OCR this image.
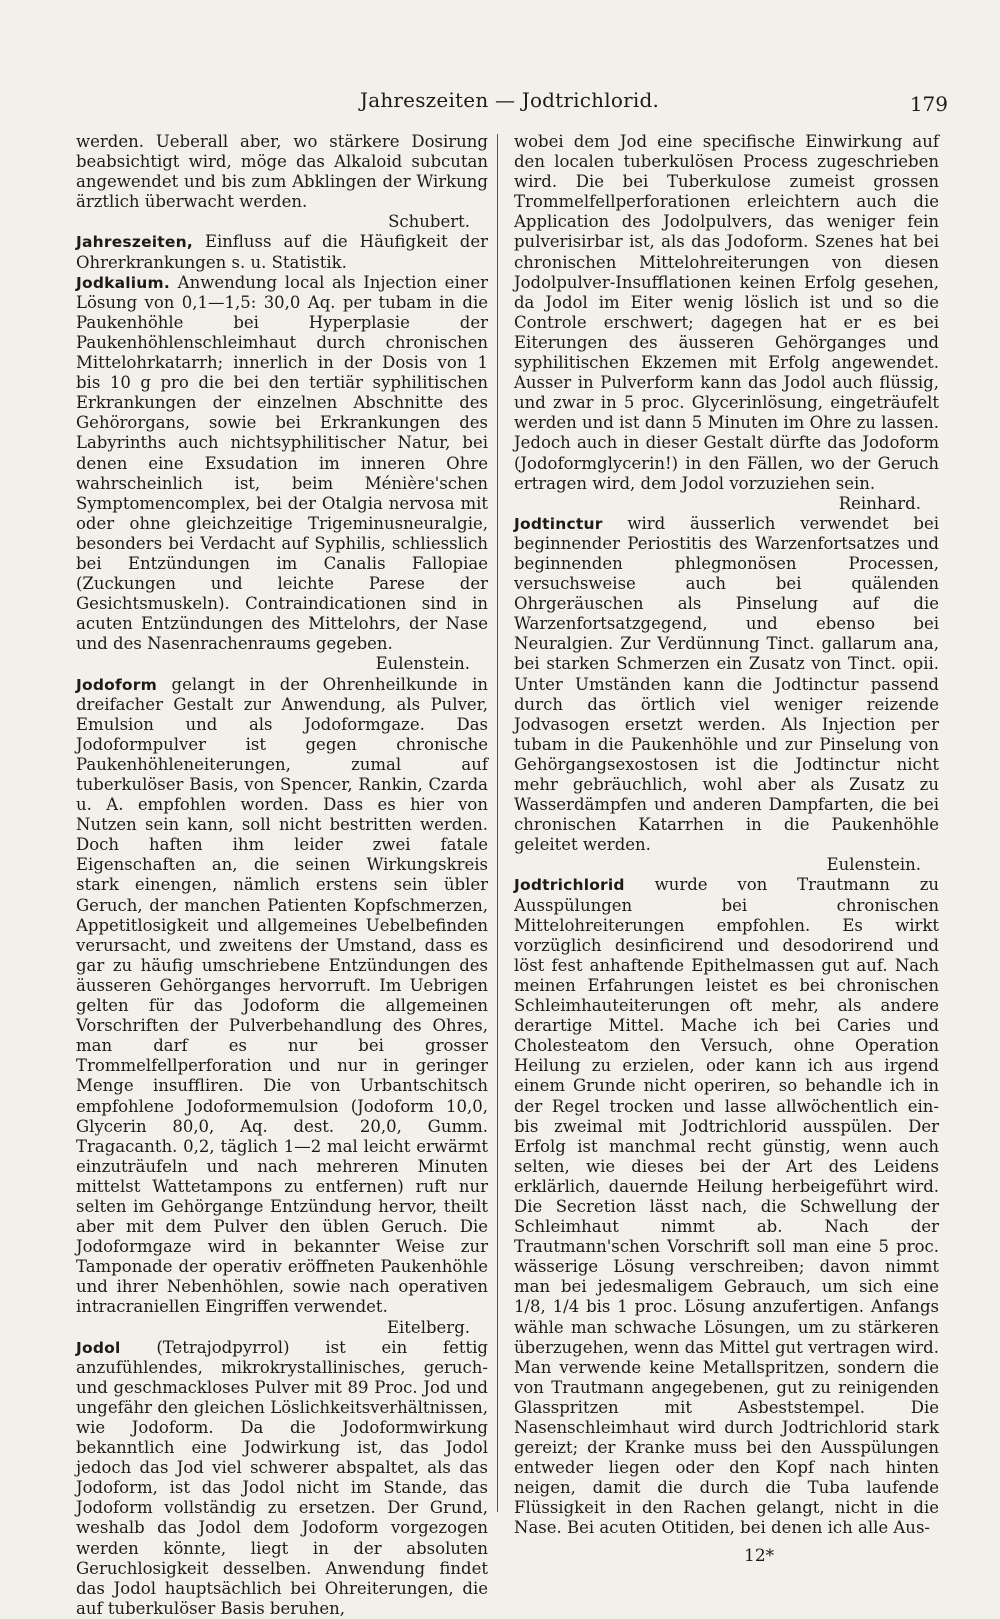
Jahreszeiten — Jodtrichlorid.	179

werden. Ueberall aber, wo stärkere Dosirung beabsichtigt wird, möge das Alkaloid subcutan angewendet und bis zum Abklingen der Wirkung ärztlich überwacht werden.

Schubert.

Jahreszeiten, Einfluss auf die Häufigkeit der Ohrerkrankungen s. u. Statistik.

Jodkalium. Anwendung local als Injection einer Lösung von 0,1—1,5: 30,0 Aq. per tubam in die Paukenhöhle bei Hyperplasie der Paukenhöhlenschleimhaut durch chronischen Mittelohrkatarrh; innerlich in der Dosis von 1 bis 10 g pro die bei den tertiär syphilitischen Erkrankungen der einzelnen Abschnitte des Gehörorgans, sowie bei Erkrankungen des Labyrinths auch nichtsyphilitischer Natur, bei denen eine Exsudation im inneren Ohre wahrscheinlich ist, beim Ménière'schen Symptomencomplex, bei der Otalgia nervosa mit oder ohne gleichzeitige Trigeminusneuralgie, besonders bei Verdacht auf Syphilis, schliesslich bei Entzündungen im Canalis Fallopiae (Zuckungen und leichte Parese der Gesichtsmuskeln). Contraindicationen sind in acuten Entzündungen des Mittelohrs, der Nase und des Nasenrachenraums gegeben.

Eulenstein.

Jodoform gelangt in der Ohrenheilkunde in dreifacher Gestalt zur Anwendung, als Pulver, Emulsion und als Jodoformgaze. Das Jodoformpulver ist gegen chronische Paukenhöhleneiterungen, zumal auf tuberkulöser Basis, von Spencer, Rankin, Czarda u. A. empfohlen worden. Dass es hier von Nutzen sein kann, soll nicht bestritten werden. Doch haften ihm leider zwei fatale Eigenschaften an, die seinen Wirkungskreis stark einengen, nämlich erstens sein übler Geruch, der manchen Patienten Kopfschmerzen, Appetitlosigkeit und allgemeines Uebelbefinden verursacht, und zweitens der Umstand, dass es gar zu häufig umschriebene Entzündungen des äusseren Gehörganges hervorruft. Im Uebrigen gelten für das Jodoform die allgemeinen Vorschriften der Pulverbehandlung des Ohres, man darf es nur bei grosser Trommelfellperforation und nur in geringer Menge insuffliren. Die von Urbantschitsch empfohlene Jodoformemulsion (Jodoform 10,0, Glycerin 80,0, Aq. dest. 20,0, Gumm. Tragacanth. 0,2, täglich 1—2 mal leicht erwärmt einzuträufeln und nach mehreren Minuten mittelst Wattetampons zu entfernen) ruft nur selten im Gehörgange Entzündung hervor, theilt aber mit dem Pulver den üblen Geruch. Die Jodoformgaze wird in bekannter Weise zur Tamponade der operativ eröffneten Paukenhöhle und ihrer Nebenhöhlen, sowie nach operativen intracraniellen Eingriffen verwendet.

Eitelberg.

Jodol (Tetrajodpyrrol) ist ein fettig anzufühlendes, mikrokrystallinisches, geruch- und geschmackloses Pulver mit 89 Proc. Jod und ungefähr den gleichen Löslichkeitsverhältnissen, wie Jodoform. Da die Jodoformwirkung bekanntlich eine Jodwirkung ist, das Jodol jedoch das Jod viel schwerer abspaltet, als das Jodoform, ist das Jodol nicht im Stande, das Jodoform vollständig zu ersetzen. Der Grund, weshalb das Jodol dem Jodoform vorgezogen werden könnte, liegt in der absoluten Geruchlosigkeit desselben. Anwendung findet das Jodol hauptsächlich bei Ohreiterungen, die auf tuberkulöser Basis beruhen,

wobei dem Jod eine specifische Einwirkung auf den localen tuberkulösen Process zugeschrieben wird. Die bei Tuberkulose zumeist grossen Trommelfellperforationen erleichtern auch die Application des Jodolpulvers, das weniger fein pulverisirbar ist, als das Jodoform. Szenes hat bei chronischen Mittelohreiterungen von diesen Jodolpulver-Insufflationen keinen Erfolg gesehen, da Jodol im Eiter wenig löslich ist und so die Controle erschwert; dagegen hat er es bei Eiterungen des äusseren Gehörganges und syphilitischen Ekzemen mit Erfolg angewendet. Ausser in Pulverform kann das Jodol auch flüssig, und zwar in 5 proc. Glycerinlösung, eingeträufelt werden und ist dann 5 Minuten im Ohre zu lassen. Jedoch auch in dieser Gestalt dürfte das Jodoform (Jodoformglycerin!) in den Fällen, wo der Geruch ertragen wird, dem Jodol vorzuziehen sein.

Reinhard.

Jodtinctur wird äusserlich verwendet bei beginnender Periostitis des Warzenfortsatzes und beginnenden phlegmonösen Processen, versuchsweise auch bei quälenden Ohrgeräuschen als Pinselung auf die Warzenfortsatzgegend, und ebenso bei Neuralgien. Zur Verdünnung Tinct. gallarum ana, bei starken Schmerzen ein Zusatz von Tinct. opii. Unter Umständen kann die Jodtinctur passend durch das örtlich viel weniger reizende Jodvasogen ersetzt werden. Als Injection per tubam in die Paukenhöhle und zur Pinselung von Gehörgangsexostosen ist die Jodtinctur nicht mehr gebräuchlich, wohl aber als Zusatz zu Wasserdämpfen und anderen Dampfarten, die bei chronischen Katarrhen in die Paukenhöhle geleitet werden.

Eulenstein.

Jodtrichlorid wurde von Trautmann zu Ausspülungen bei chronischen Mittelohreiterungen empfohlen. Es wirkt vorzüglich desinficirend und desodorirend und löst fest anhaftende Epithelmassen gut auf. Nach meinen Erfahrungen leistet es bei chronischen Schleimhauteiterungen oft mehr, als andere derartige Mittel. Mache ich bei Caries und Cholesteatom den Versuch, ohne Operation Heilung zu erzielen, oder kann ich aus irgend einem Grunde nicht operiren, so behandle ich in der Regel trocken und lasse allwöchentlich ein- bis zweimal mit Jodtrichlorid ausspülen. Der Erfolg ist manchmal recht günstig, wenn auch selten, wie dieses bei der Art des Leidens erklärlich, dauernde Heilung herbeigeführt wird. Die Secretion lässt nach, die Schwellung der Schleimhaut nimmt ab. Nach der Trautmann'schen Vorschrift soll man eine 5 proc. wässerige Lösung verschreiben; davon nimmt man bei jedesmaligem Gebrauch, um sich eine 1/8, 1/4 bis 1 proc. Lösung anzufertigen. Anfangs wähle man schwache Lösungen, um zu stärkeren überzugehen, wenn das Mittel gut vertragen wird. Man verwende keine Metallspritzen, sondern die von Trautmann angegebenen, gut zu reinigenden Glasspritzen mit Asbeststempel. Die Nasenschleimhaut wird durch Jodtrichlorid stark gereizt; der Kranke muss bei den Ausspülungen entweder liegen oder den Kopf nach hinten neigen, damit die durch die Tuba laufende Flüssigkeit in den Rachen gelangt, nicht in die Nase. Bei acuten Otitiden, bei denen ich alle Aus-

12*
